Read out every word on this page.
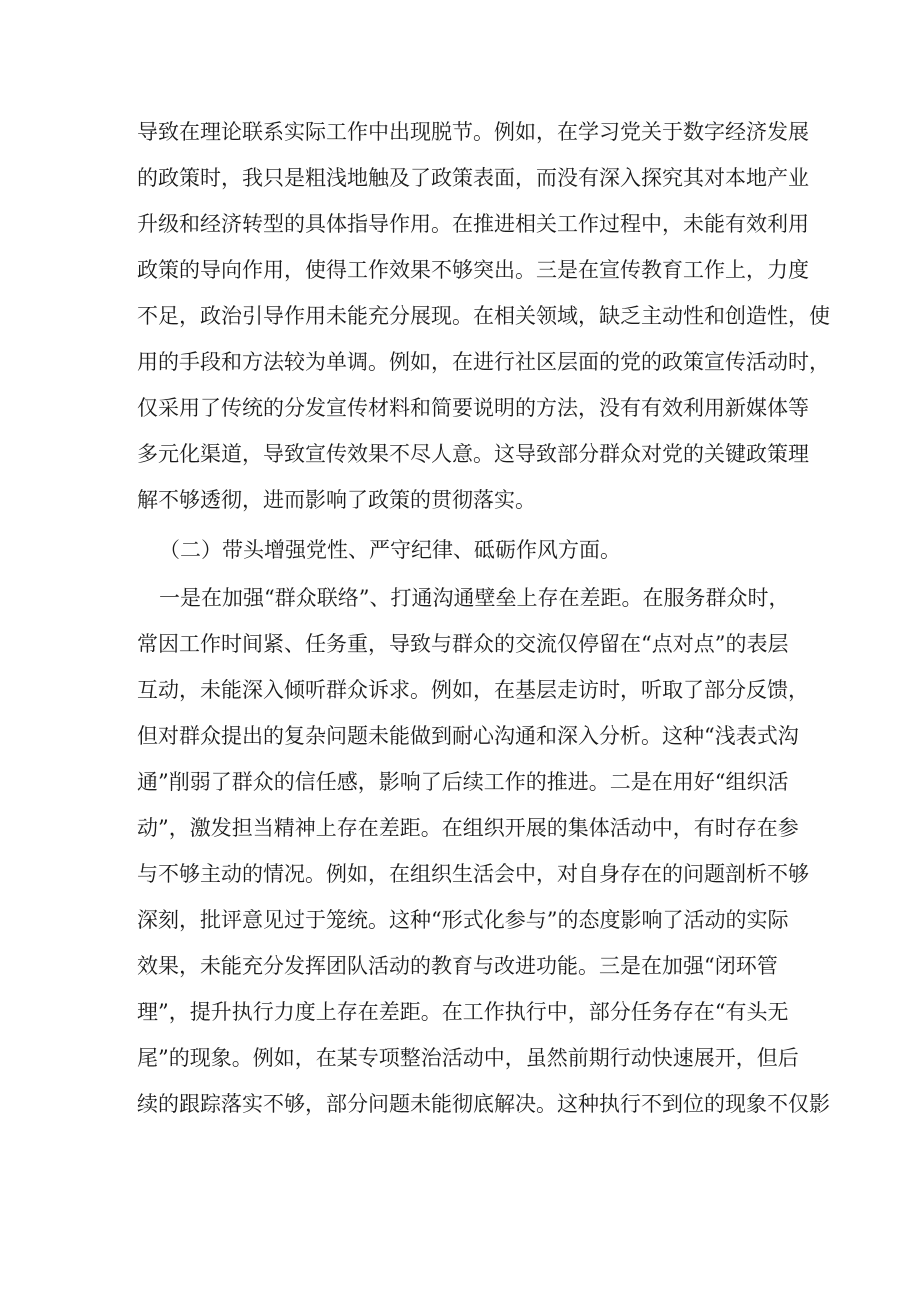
导致在理论联系实际工作中出现脱节。例如，在学习党关于数字经济发展
的政策时，我只是粗浅地触及了政策表面，而没有深入探究其对本地产业
升级和经济转型的具体指导作用。在推进相关工作过程中，未能有效利用
政策的导向作用，使得工作效果不够突出。三是在宣传教育工作上，力度
不足，政治引导作用未能充分展现。在相关领域，缺乏主动性和创造性，使
用的手段和方法较为单调。例如，在进行社区层面的党的政策宣传活动时，
仅采用了传统的分发宣传材料和简要说明的方法，没有有效利用新媒体等
多元化渠道，导致宣传效果不尽人意。这导致部分群众对党的关键政策理
解不够透彻，进而影响了政策的贯彻落实。
（二）带头增强党性、严守纪律、砥砺作风方面。
一是在加强“群众联络”、打通沟通壁垒上存在差距。在服务群众时，
常因工作时间紧、任务重，导致与群众的交流仅停留在“点对点”的表层
互动，未能深入倾听群众诉求。例如，在基层走访时，听取了部分反馈，
但对群众提出的复杂问题未能做到耐心沟通和深入分析。这种“浅表式沟
通”削弱了群众的信任感，影响了后续工作的推进。二是在用好“组织活
动”，激发担当精神上存在差距。在组织开展的集体活动中，有时存在参
与不够主动的情况。例如，在组织生活会中，对自身存在的问题剖析不够
深刻，批评意见过于笼统。这种“形式化参与”的态度影响了活动的实际
效果，未能充分发挥团队活动的教育与改进功能。三是在加强“闭环管
理”，提升执行力度上存在差距。在工作执行中，部分任务存在“有头无
尾”的现象。例如，在某专项整治活动中，虽然前期行动快速展开，但后
续的跟踪落实不够，部分问题未能彻底解决。这种执行不到位的现象不仅影
